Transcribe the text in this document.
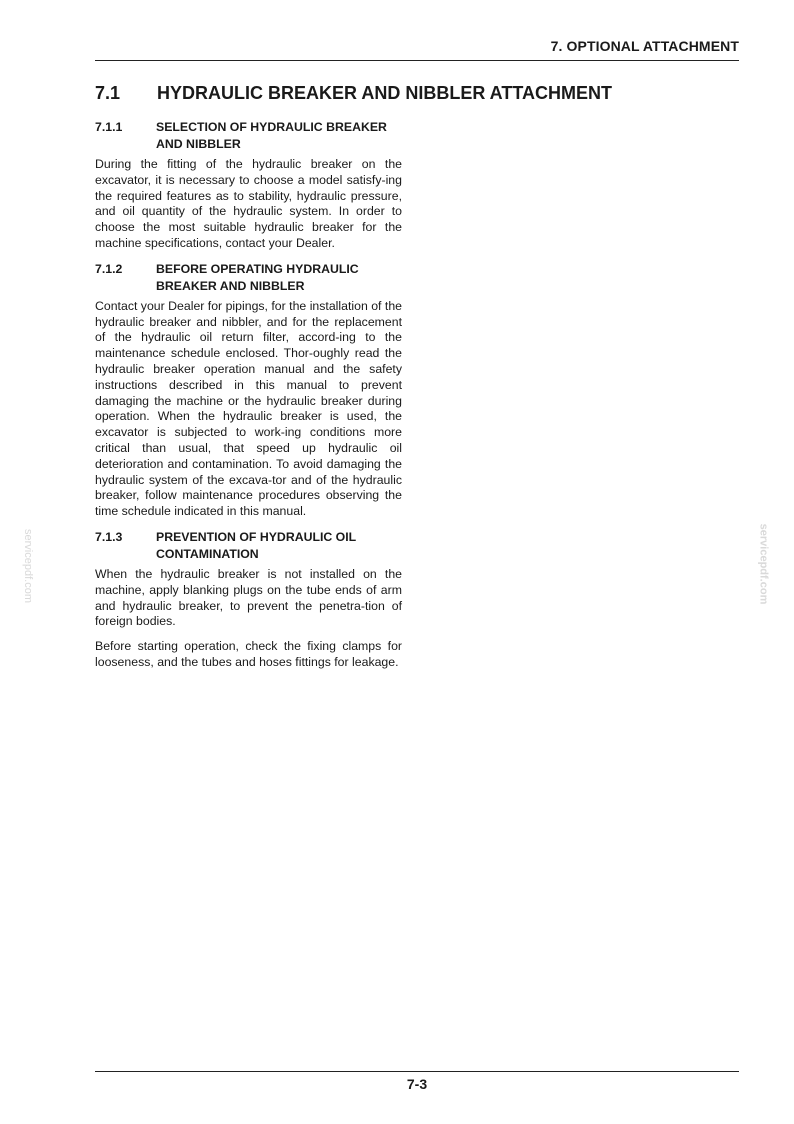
7. OPTIONAL ATTACHMENT
7.1 HYDRAULIC BREAKER AND NIBBLER ATTACHMENT
7.1.1	SELECTION OF HYDRAULIC BREAKER AND NIBBLER

During the fitting of the hydraulic breaker on the excavator, it is necessary to choose a model satisfy-ing the required features as to stability, hydraulic pressure, and oil quantity of the hydraulic system. In order to choose the most suitable hydraulic breaker for the machine specifications, contact your Dealer.

7.1.2	BEFORE OPERATING HYDRAULIC BREAKER AND NIBBLER

Contact your Dealer for pipings, for the installation of the hydraulic breaker and nibbler, and for the replacement of the hydraulic oil return filter, accord-ing to the maintenance schedule enclosed. Thor-oughly read the hydraulic breaker operation manual and the safety instructions described in this manual to prevent damaging the machine or the hydraulic breaker during operation. When the hydraulic breaker is used, the excavator is subjected to work-ing conditions more critical than usual, that speed up hydraulic oil deterioration and contamination. To avoid damaging the hydraulic system of the excava-tor and of the hydraulic breaker, follow maintenance procedures observing the time schedule indicated in this manual.

7.1.3	PREVENTION OF HYDRAULIC OIL CONTAMINATION

When the hydraulic breaker is not installed on the machine, apply blanking plugs on the tube ends of arm and hydraulic breaker, to prevent the penetra-tion of foreign bodies.

Before starting operation, check the fixing clamps for looseness, and the tubes and hoses fittings for leakage.

servicepdf.com	servicepdf.com
7-3
